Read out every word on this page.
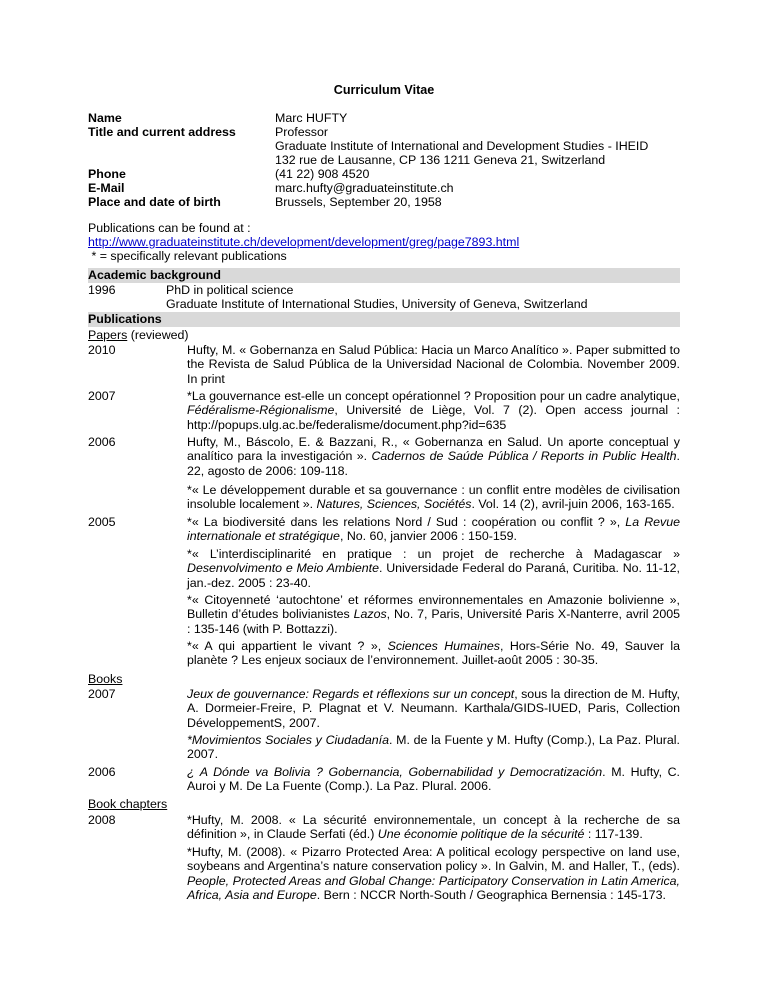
Curriculum Vitae
Name	Marc HUFTY
Title and current address	Professor
Graduate Institute of International and Development Studies - IHEID
132 rue de Lausanne, CP 136 1211 Geneva 21, Switzerland
Phone	(41 22) 908 4520
E-Mail	marc.hufty@graduateinstitute.ch
Place and date of birth	Brussels, September 20, 1958
Publications can be found at :
http://www.graduateinstitute.ch/development/development/greg/page7893.html
* = specifically relevant publications
Academic background
1996	PhD in political science
Graduate Institute of International Studies, University of Geneva, Switzerland
Publications
Papers (reviewed)
2010	Hufty, M. « Gobernanza en Salud Pública: Hacia un Marco Analítico ». Paper submitted to the Revista de Salud Pública de la Universidad Nacional de Colombia. November 2009. In print
2007	*La gouvernance est-elle un concept opérationnel ? Proposition pour un cadre analytique, Fédéralisme-Régionalisme, Université de Liège, Vol. 7 (2). Open access journal : http://popups.ulg.ac.be/federalisme/document.php?id=635
2006	Hufty, M., Báscolo, E. & Bazzani, R., « Gobernanza en Salud. Un aporte conceptual y analítico para la investigación ». Cadernos de Saúde Pública / Reports in Public Health. 22, agosto de 2006: 109-118.
*« Le développement durable et sa gouvernance : un conflit entre modèles de civilisation insoluble localement ». Natures, Sciences, Sociétés. Vol. 14 (2), avril-juin 2006, 163-165.
2005	*« La biodiversité dans les relations Nord / Sud : coopération ou conflit ? », La Revue internationale et stratégique, No. 60, janvier 2006 : 150-159.
*« L’interdisciplinarité en pratique : un projet de recherche à Madagascar » Desenvolvimento e Meio Ambiente. Universidade Federal do Paraná, Curitiba. No. 11-12, jan.-dez. 2005 : 23-40.
*« Citoyenneté ‘autochtone’ et réformes environnementales en Amazonie bolivienne », Bulletin d’études bolivianistes Lazos, No. 7, Paris, Université Paris X-Nanterre, avril 2005 : 135-146 (with P. Bottazzi).
*« A qui appartient le vivant ? », Sciences Humaines, Hors-Série No. 49, Sauver la planète ? Les enjeux sociaux de l’environnement. Juillet-août 2005 : 30-35.
Books
2007	Jeux de gouvernance: Regards et réflexions sur un concept, sous la direction de M. Hufty, A. Dormeier-Freire, P. Plagnat et V. Neumann. Karthala/GIDS-IUED, Paris, Collection DéveloppementS, 2007.
*Movimientos Sociales y Ciudadanía. M. de la Fuente y M. Hufty (Comp.), La Paz. Plural. 2007.
2006	¿ A Dónde va Bolivia ? Gobernancia, Gobernabilidad y Democratización. M. Hufty, C. Auroi y M. De La Fuente (Comp.). La Paz. Plural. 2006.
Book chapters
2008	*Hufty, M. 2008. « La sécurité environnementale, un concept à la recherche de sa définition », in Claude Serfati (éd.) Une économie politique de la sécurité : 117-139.
*Hufty, M. (2008). « Pizarro Protected Area: A political ecology perspective on land use, soybeans and Argentina’s nature conservation policy ». In Galvin, M. and Haller, T., (eds). People, Protected Areas and Global Change: Participatory Conservation in Latin America, Africa, Asia and Europe. Bern : NCCR North-South / Geographica Bernensia : 145-173.
